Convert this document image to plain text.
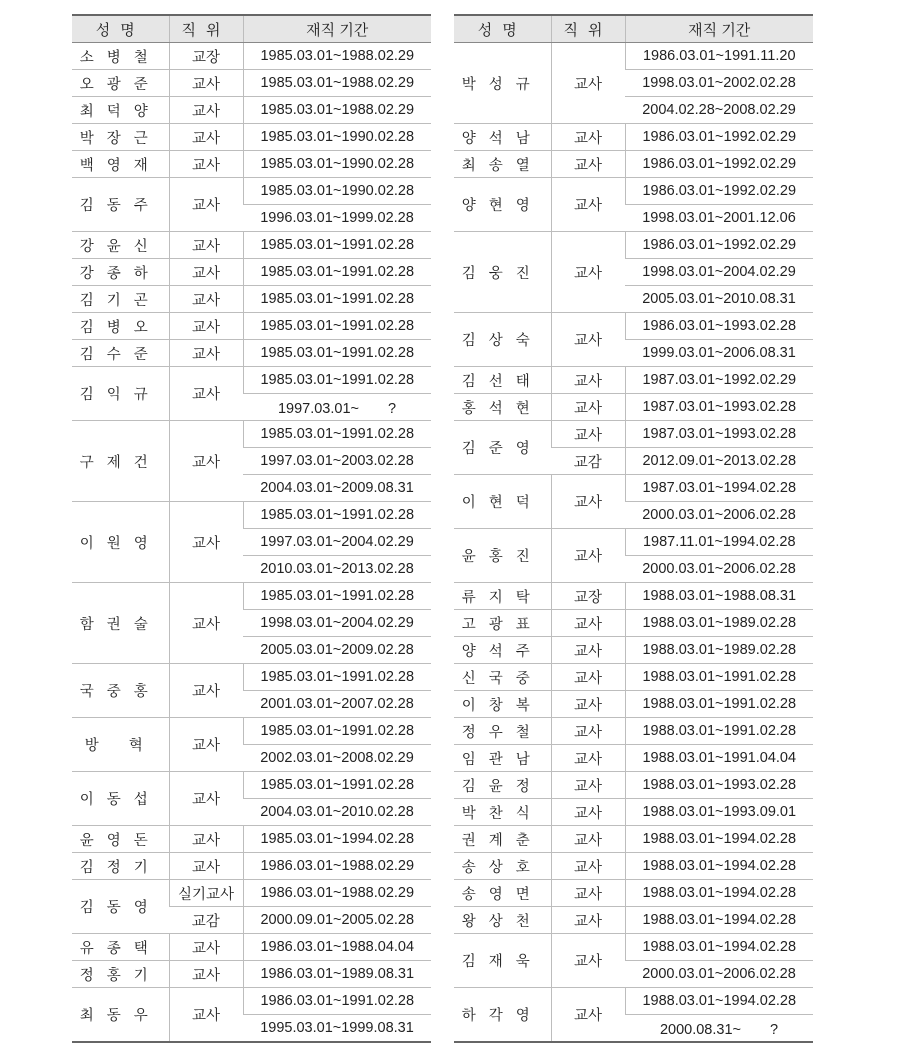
성명	직위	재직 기간
소병철	교장	1985.03.01~1988.02.29
오광준	교사	1985.03.01~1988.02.29
최덕양	교사	1985.03.01~1988.02.29
박장근	교사	1985.03.01~1990.02.28
백영재	교사	1985.03.01~1990.02.28
김동주	교사	1985.03.01~1990.02.28
		1996.03.01~1999.02.28
강윤신	교사	1985.03.01~1991.02.28
강종하	교사	1985.03.01~1991.02.28
김기곤	교사	1985.03.01~1991.02.28
김병오	교사	1985.03.01~1991.02.28
김수준	교사	1985.03.01~1991.02.28
김익규	교사	1985.03.01~1991.02.28
		1997.03.01~　　?
구제건	교사	1985.03.01~1991.02.28
		1997.03.01~2003.02.28
		2004.03.01~2009.08.31
이원영	교사	1985.03.01~1991.02.28
		1997.03.01~2004.02.29
		2010.03.01~2013.02.28
함권술	교사	1985.03.01~1991.02.28
		1998.03.01~2004.02.29
		2005.03.01~2009.02.28
국중홍	교사	1985.03.01~1991.02.28
		2001.03.01~2007.02.28
방 혁	교사	1985.03.01~1991.02.28
		2002.03.01~2008.02.29
이동섭	교사	1985.03.01~1991.02.28
		2004.03.01~2010.02.28
윤영돈	교사	1985.03.01~1994.02.28
김정기	교사	1986.03.01~1988.02.29
김동영	실기교사	1986.03.01~1988.02.29
	교감	2000.09.01~2005.02.28
유종택	교사	1986.03.01~1988.04.04
정홍기	교사	1986.03.01~1989.08.31
최동우	교사	1986.03.01~1991.02.28
		1995.03.01~1999.08.31
성명	직위	재직 기간
박성규	교사	1986.03.01~1991.11.20
		1998.03.01~2002.02.28
		2004.02.28~2008.02.29
양석남	교사	1986.03.01~1992.02.29
최송열	교사	1986.03.01~1992.02.29
양현영	교사	1986.03.01~1992.02.29
		1998.03.01~2001.12.06
김웅진	교사	1986.03.01~1992.02.29
		1998.03.01~2004.02.29
		2005.03.01~2010.08.31
김상숙	교사	1986.03.01~1993.02.28
		1999.03.01~2006.08.31
김선태	교사	1987.03.01~1992.02.29
홍석현	교사	1987.03.01~1993.02.28
김준영	교사	1987.03.01~1993.02.28
	교감	2012.09.01~2013.02.28
이현덕	교사	1987.03.01~1994.02.28
		2000.03.01~2006.02.28
윤홍진	교사	1987.11.01~1994.02.28
		2000.03.01~2006.02.28
류지탁	교장	1988.03.01~1988.08.31
고광표	교사	1988.03.01~1989.02.28
양석주	교사	1988.03.01~1989.02.28
신국중	교사	1988.03.01~1991.02.28
이창복	교사	1988.03.01~1991.02.28
정우철	교사	1988.03.01~1991.02.28
임관남	교사	1988.03.01~1991.04.04
김윤정	교사	1988.03.01~1993.02.28
박찬식	교사	1988.03.01~1993.09.01
권계춘	교사	1988.03.01~1994.02.28
송상호	교사	1988.03.01~1994.02.28
송영면	교사	1988.03.01~1994.02.28
왕상천	교사	1988.03.01~1994.02.28
김재욱	교사	1988.03.01~1994.02.28
		2000.03.01~2006.02.28
하각영	교사	1988.03.01~1994.02.28
		2000.08.31~　　?
